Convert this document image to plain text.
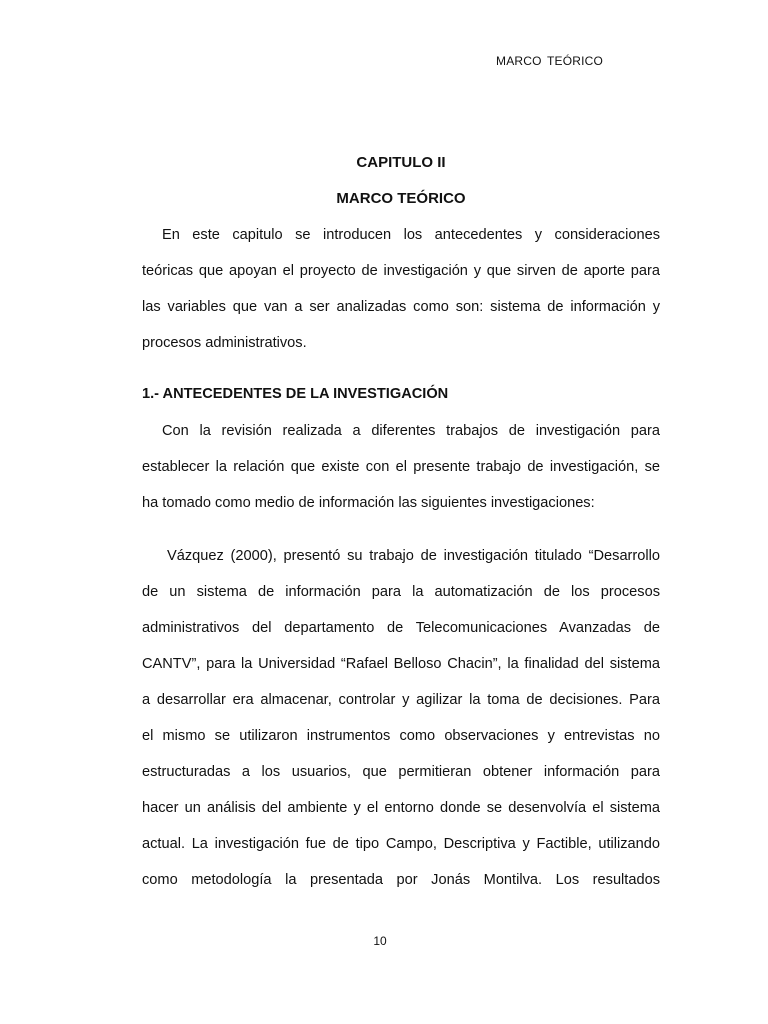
MARCO TEÓRICO
CAPITULO II
MARCO TEÓRICO
En este capitulo se introducen los antecedentes y consideraciones
teóricas que apoyan el proyecto de investigación y que sirven de aporte para
las variables que van a ser analizadas como son: sistema de información y
procesos administrativos.
1.- ANTECEDENTES DE LA INVESTIGACIÓN
Con la revisión realizada a diferentes trabajos de investigación para
establecer la relación que existe con el presente trabajo de investigación, se
ha tomado como medio de información las siguientes investigaciones:
Vázquez (2000), presentó su trabajo de investigación titulado “Desarrollo
de un sistema de información para la automatización de los procesos
administrativos del departamento de Telecomunicaciones Avanzadas de
CANTV”, para la Universidad “Rafael Belloso Chacin”, la finalidad del sistema
a desarrollar era almacenar, controlar y agilizar la toma de decisiones. Para
el mismo se utilizaron instrumentos como observaciones y entrevistas no
estructuradas a los usuarios, que permitieran obtener información para
hacer un análisis del ambiente y el entorno donde se desenvolvía el sistema
actual. La investigación fue de tipo Campo, Descriptiva y Factible, utilizando
como metodología la presentada por Jonás Montilva. Los resultados
10
